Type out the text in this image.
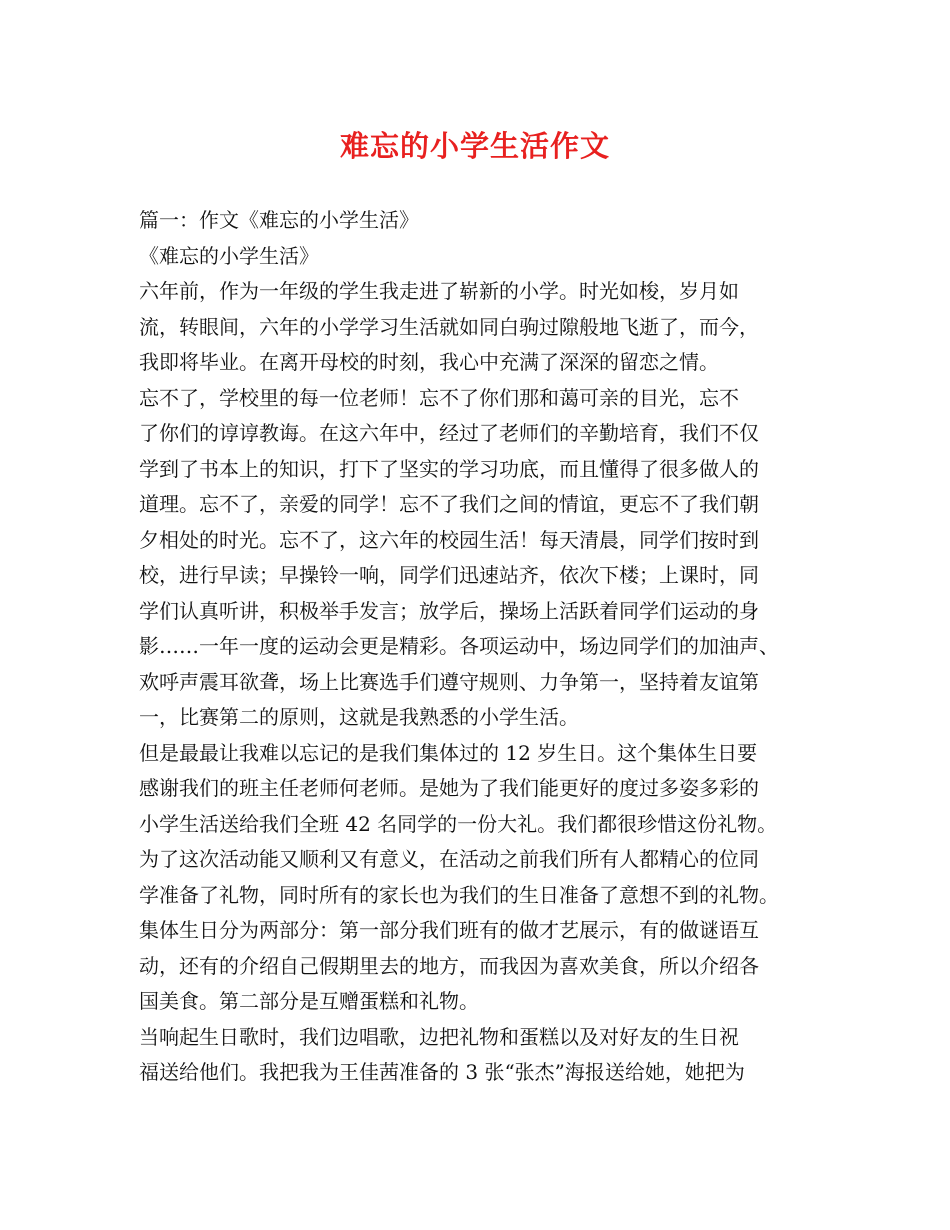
难忘的小学生活作文
篇一：作文《难忘的小学生活》
《难忘的小学生活》
六年前，作为一年级的学生我走进了崭新的小学。时光如梭，岁月如
流，转眼间，六年的小学学习生活就如同白驹过隙般地飞逝了，而今，
我即将毕业。在离开母校的时刻，我心中充满了深深的留恋之情。
忘不了，学校里的每一位老师！忘不了你们那和蔼可亲的目光，忘不
了你们的谆谆教诲。在这六年中，经过了老师们的辛勤培育，我们不仅
学到了书本上的知识，打下了坚实的学习功底，而且懂得了很多做人的
道理。忘不了，亲爱的同学！忘不了我们之间的情谊，更忘不了我们朝
夕相处的时光。忘不了，这六年的校园生活！每天清晨，同学们按时到
校，进行早读；早操铃一响，同学们迅速站齐，依次下楼；上课时，同
学们认真听讲，积极举手发言；放学后，操场上活跃着同学们运动的身
影……一年一度的运动会更是精彩。各项运动中，场边同学们的加油声、
欢呼声震耳欲聋，场上比赛选手们遵守规则、力争第一，坚持着友谊第
一，比赛第二的原则，这就是我熟悉的小学生活。
但是最最让我难以忘记的是我们集体过的 12 岁生日。这个集体生日要
感谢我们的班主任老师何老师。是她为了我们能更好的度过多姿多彩的
小学生活送给我们全班 42 名同学的一份大礼。我们都很珍惜这份礼物。
为了这次活动能又顺利又有意义，在活动之前我们所有人都精心的位同
学准备了礼物，同时所有的家长也为我们的生日准备了意想不到的礼物。
集体生日分为两部分：第一部分我们班有的做才艺展示，有的做谜语互
动，还有的介绍自己假期里去的地方，而我因为喜欢美食，所以介绍各
国美食。第二部分是互赠蛋糕和礼物。
当响起生日歌时，我们边唱歌，边把礼物和蛋糕以及对好友的生日祝
福送给他们。我把我为王佳茜准备的 3 张“张杰”海报送给她，她把为
